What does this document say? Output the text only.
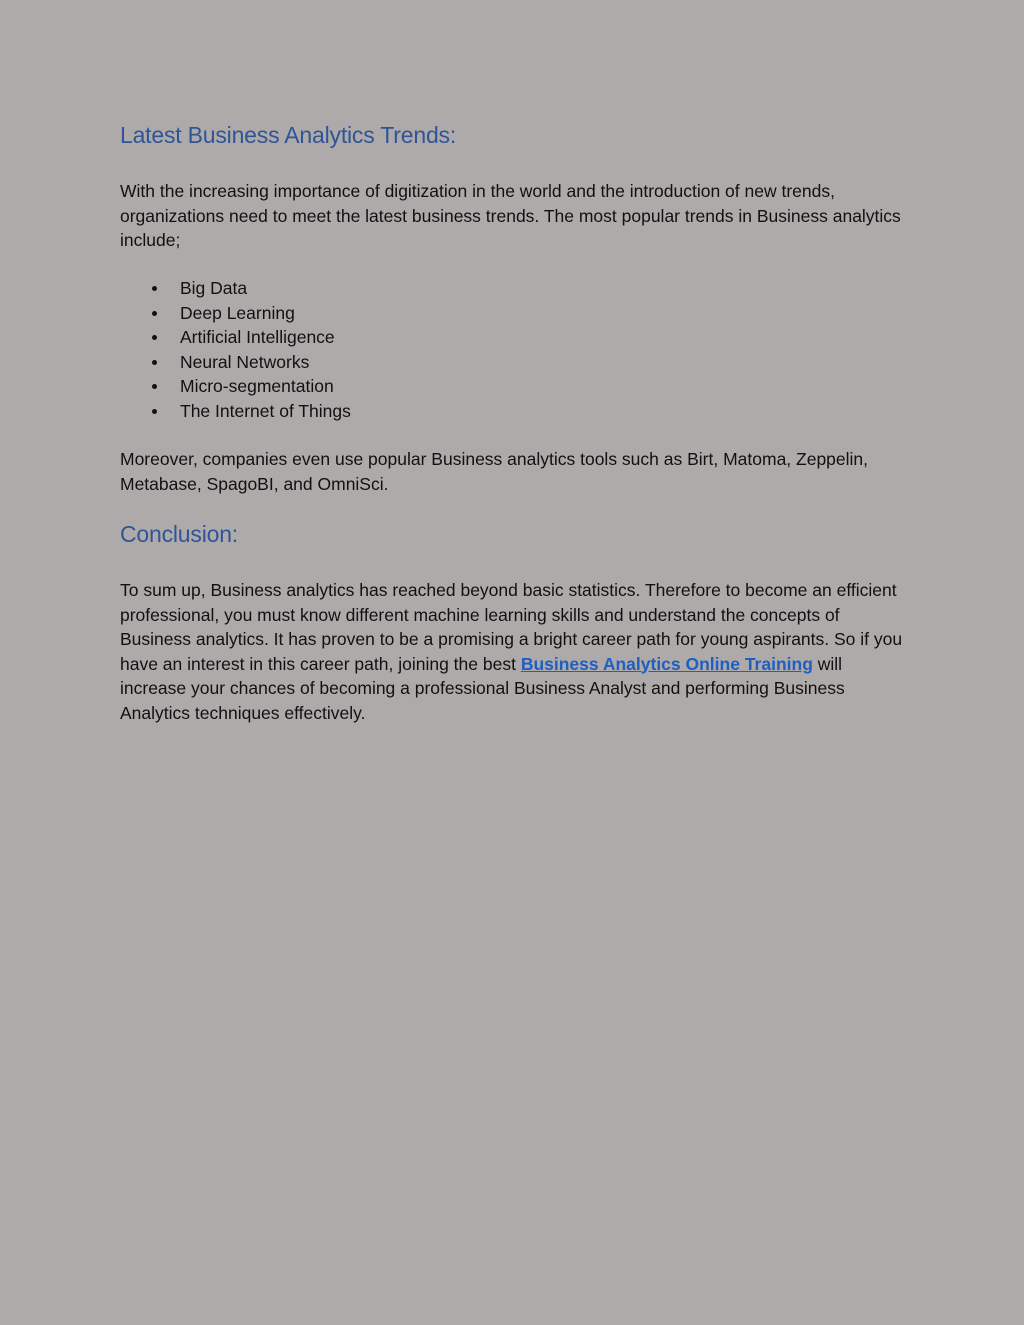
Latest Business Analytics Trends:

With the increasing importance of digitization in the world and the introduction of new trends, organizations need to meet the latest business trends. The most popular trends in Business analytics include;

Big Data
Deep Learning
Artificial Intelligence
Neural Networks
Micro-segmentation
The Internet of Things

Moreover, companies even use popular Business analytics tools such as Birt, Matoma, Zeppelin, Metabase, SpagoBI, and OmniSci.

Conclusion:

To sum up, Business analytics has reached beyond basic statistics. Therefore to become an efficient professional, you must know different machine learning skills and understand the concepts of Business analytics. It has proven to be a promising a bright career path for young aspirants. So if you have an interest in this career path, joining the best Business Analytics Online Training will increase your chances of becoming a professional Business Analyst and performing Business Analytics techniques effectively.
